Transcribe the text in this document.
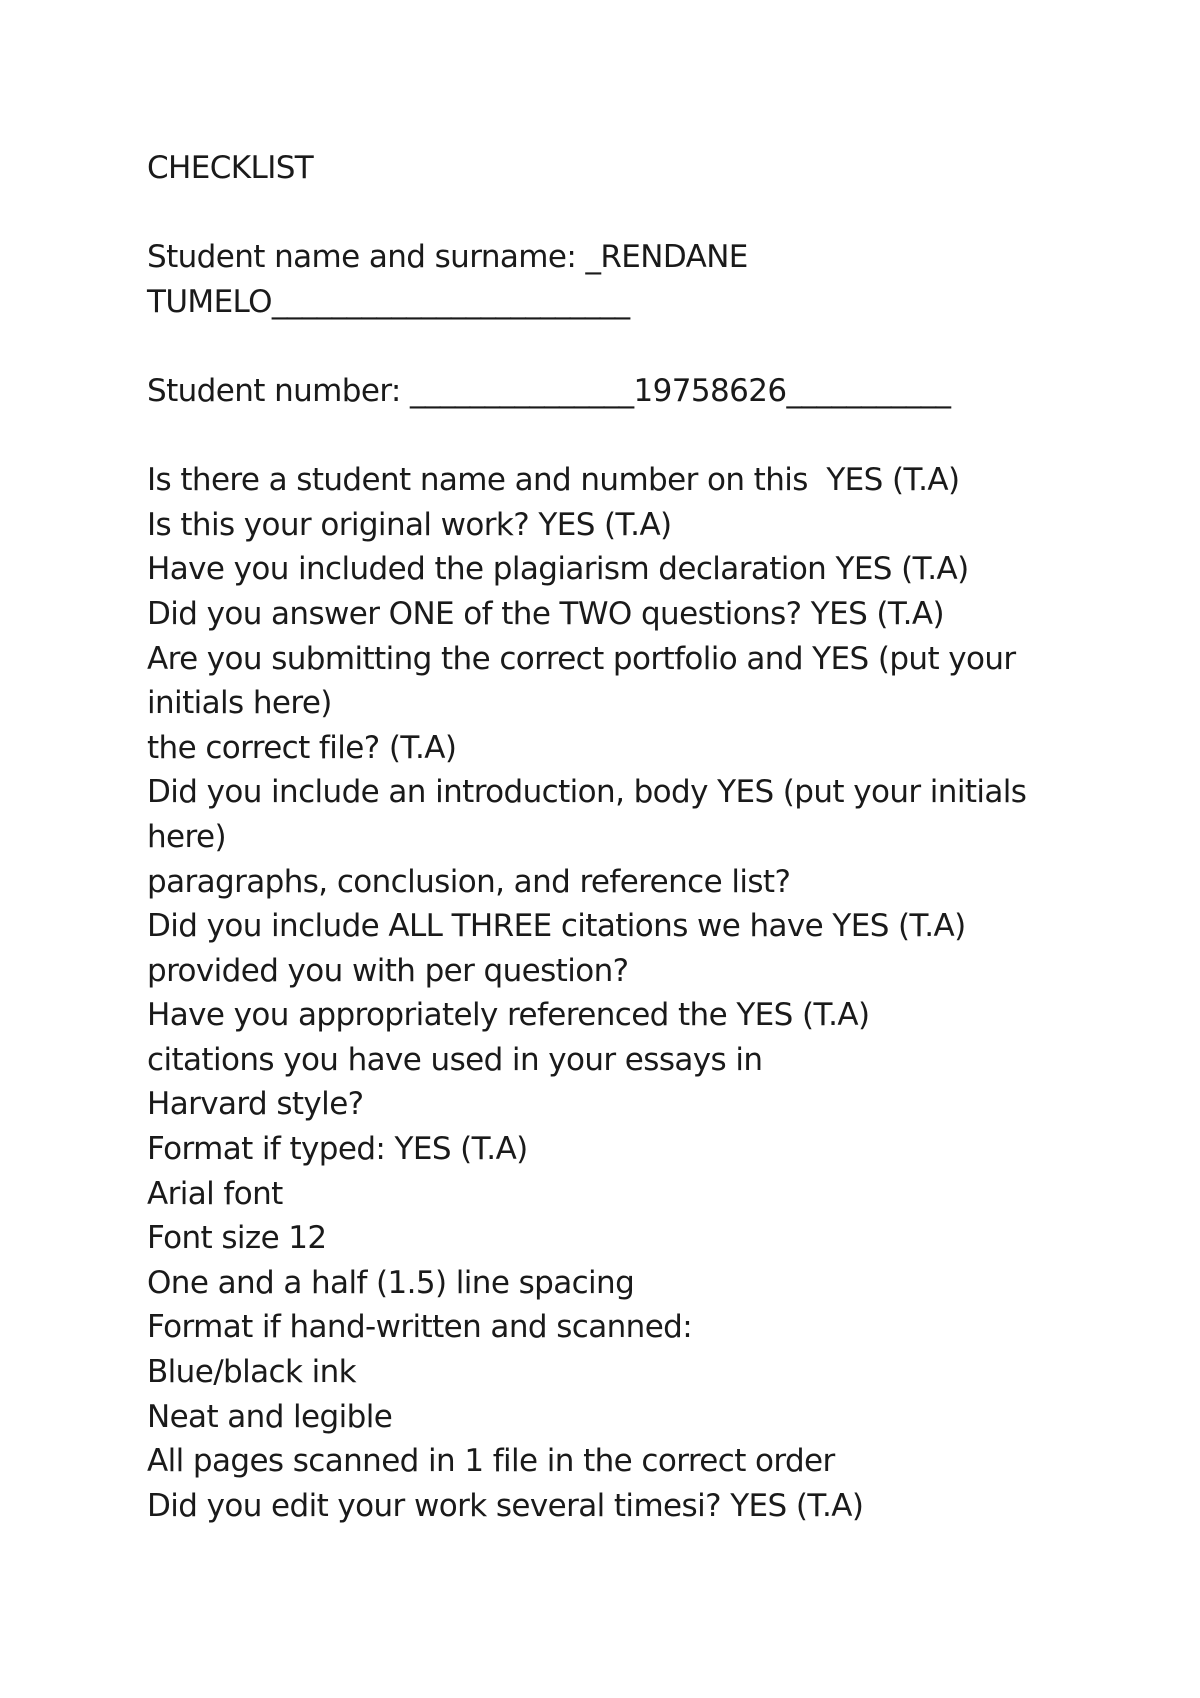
CHECKLIST
Student name and surname: _RENDANE
TUMELO________________________
Student number: _______________19758626___________
Is there a student name and number on this  YES (T.A)
Is this your original work? YES (T.A)
Have you included the plagiarism declaration YES (T.A)
Did you answer ONE of the TWO questions? YES (T.A)
Are you submitting the correct portfolio and YES (put your
initials here)
the correct file? (T.A)
Did you include an introduction, body YES (put your initials
here)
paragraphs, conclusion, and reference list?
Did you include ALL THREE citations we have YES (T.A)
provided you with per question?
Have you appropriately referenced the YES (T.A)
citations you have used in your essays in
Harvard style?
Format if typed: YES (T.A)
Arial font
Font size 12
One and a half (1.5) line spacing
Format if hand-written and scanned:
Blue/black ink
Neat and legible
All pages scanned in 1 file in the correct order
Did you edit your work several timesi? YES (T.A)
